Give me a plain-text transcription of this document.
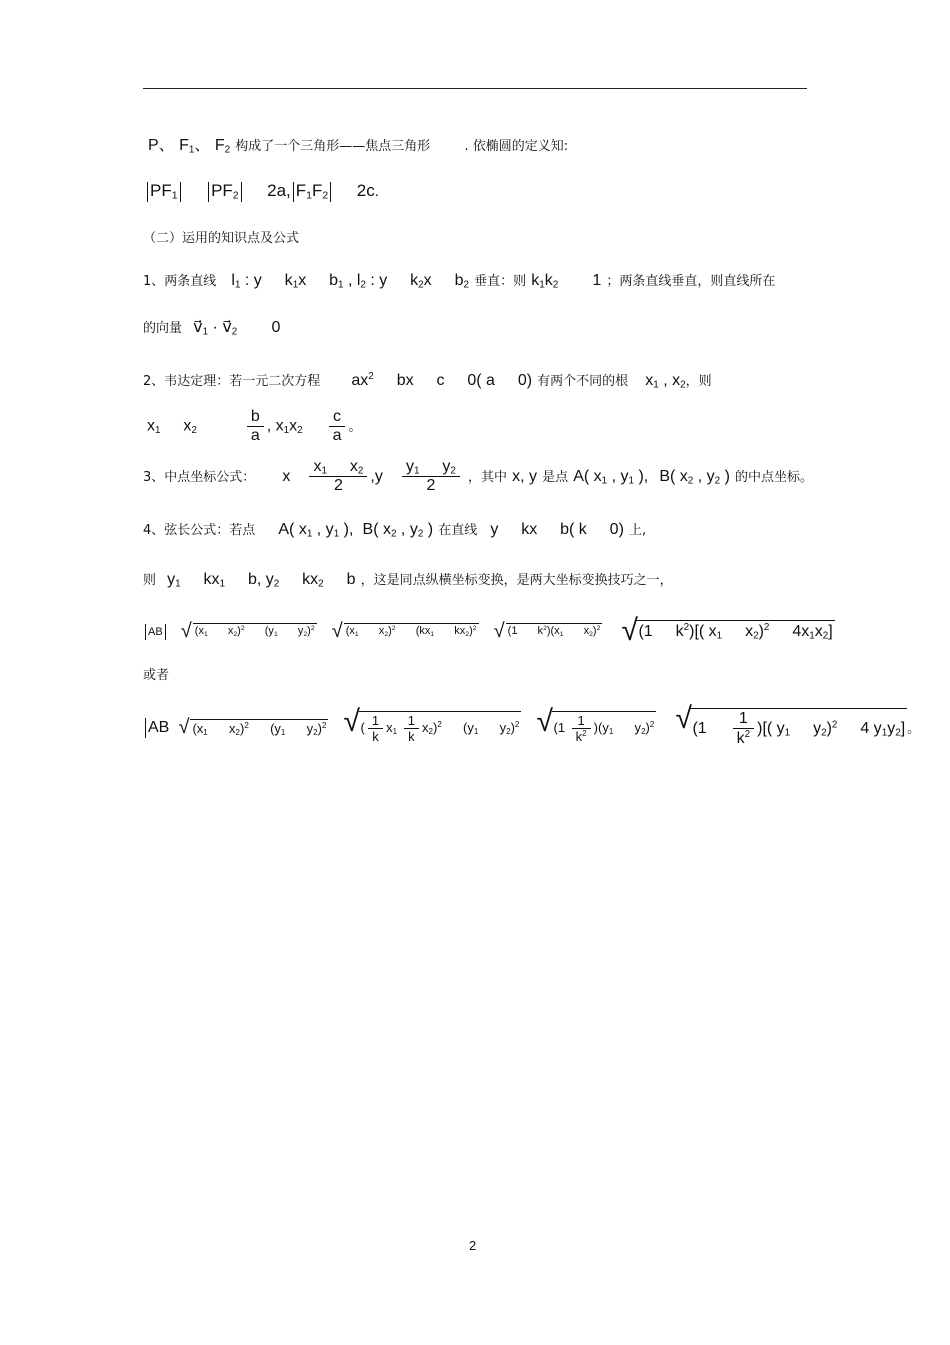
P、 $F_1$、 $F_2$ 构成了一个三角形——焦点三角形	. 依椭圆的定义知:
$PF_1$ $PF_2$ 2a, $F_1F_2$ 2c.
（二）运用的知识点及公式
1、两条直线 $l_1$ : y  $k_1x$  $b_1$ , $l_2$ : y  $k_2x$  $b_2$ 垂直：则 $k_1k_2$ 1 ；两条直线垂直，则直线所在
的向量 $v⃗_1$ · $v⃗_2$ 0
2、韦达定理：若一元二次方程 $ax^2$  bx  c  0( a  0) 有两个不同的根 $x_1$ , $x_2$，则
$x_1$  $x_2$	$\frac{b}{a}$ , $x_1x_2 \frac{c}{a}$ 。
3、中点坐标公式： x $\frac{x_1 x_2}{2} ,y \frac{y_1 y_2}{2}$ ，其中 x, y 是点 A( $x_1$ , $y_1$ ), B( $x_2$ , $y_2$ ) 的中点坐标。
4、弦长公式：若点 A( $x_1$ , $y_1$ ), B( $x_2$ , $y_2$ ) 在直线 y  kx  b( k  0) 上,
则 $y_1$  $kx_1$  b, $y_2$  $kx_2$  b ，这是同点纵横坐标变换，是两大坐标变换技巧之一，
AB √ ($x_1$  $x_2)^2$  ($y_1$  $y_2)^2$ √ ($x_1$  $x_2)^2$  ($kx_1$  $kx_2)^2$ √ (1  $k^2)(x_1$  $x_2)^2$ √ (1  $k^2$)[( $x_1$  $x_2)^2$  $4x_1x_2$]
或者
AB √ ($x_1$  $x_2)^2$  ($y_1$  $y_2)^2$ √ ( $\frac{1}{k} x_1 \frac{1}{k} x_2)^2$  ($y_1$  $y_2)^2$ √ $(1 \frac{1}{k^2} )(y_1$  $y_2)^2$ √ ($1 \frac{1}{k^2}$ )[( $y_1$  $y_2)^2$  4 $y_1y_2$] 。
2
